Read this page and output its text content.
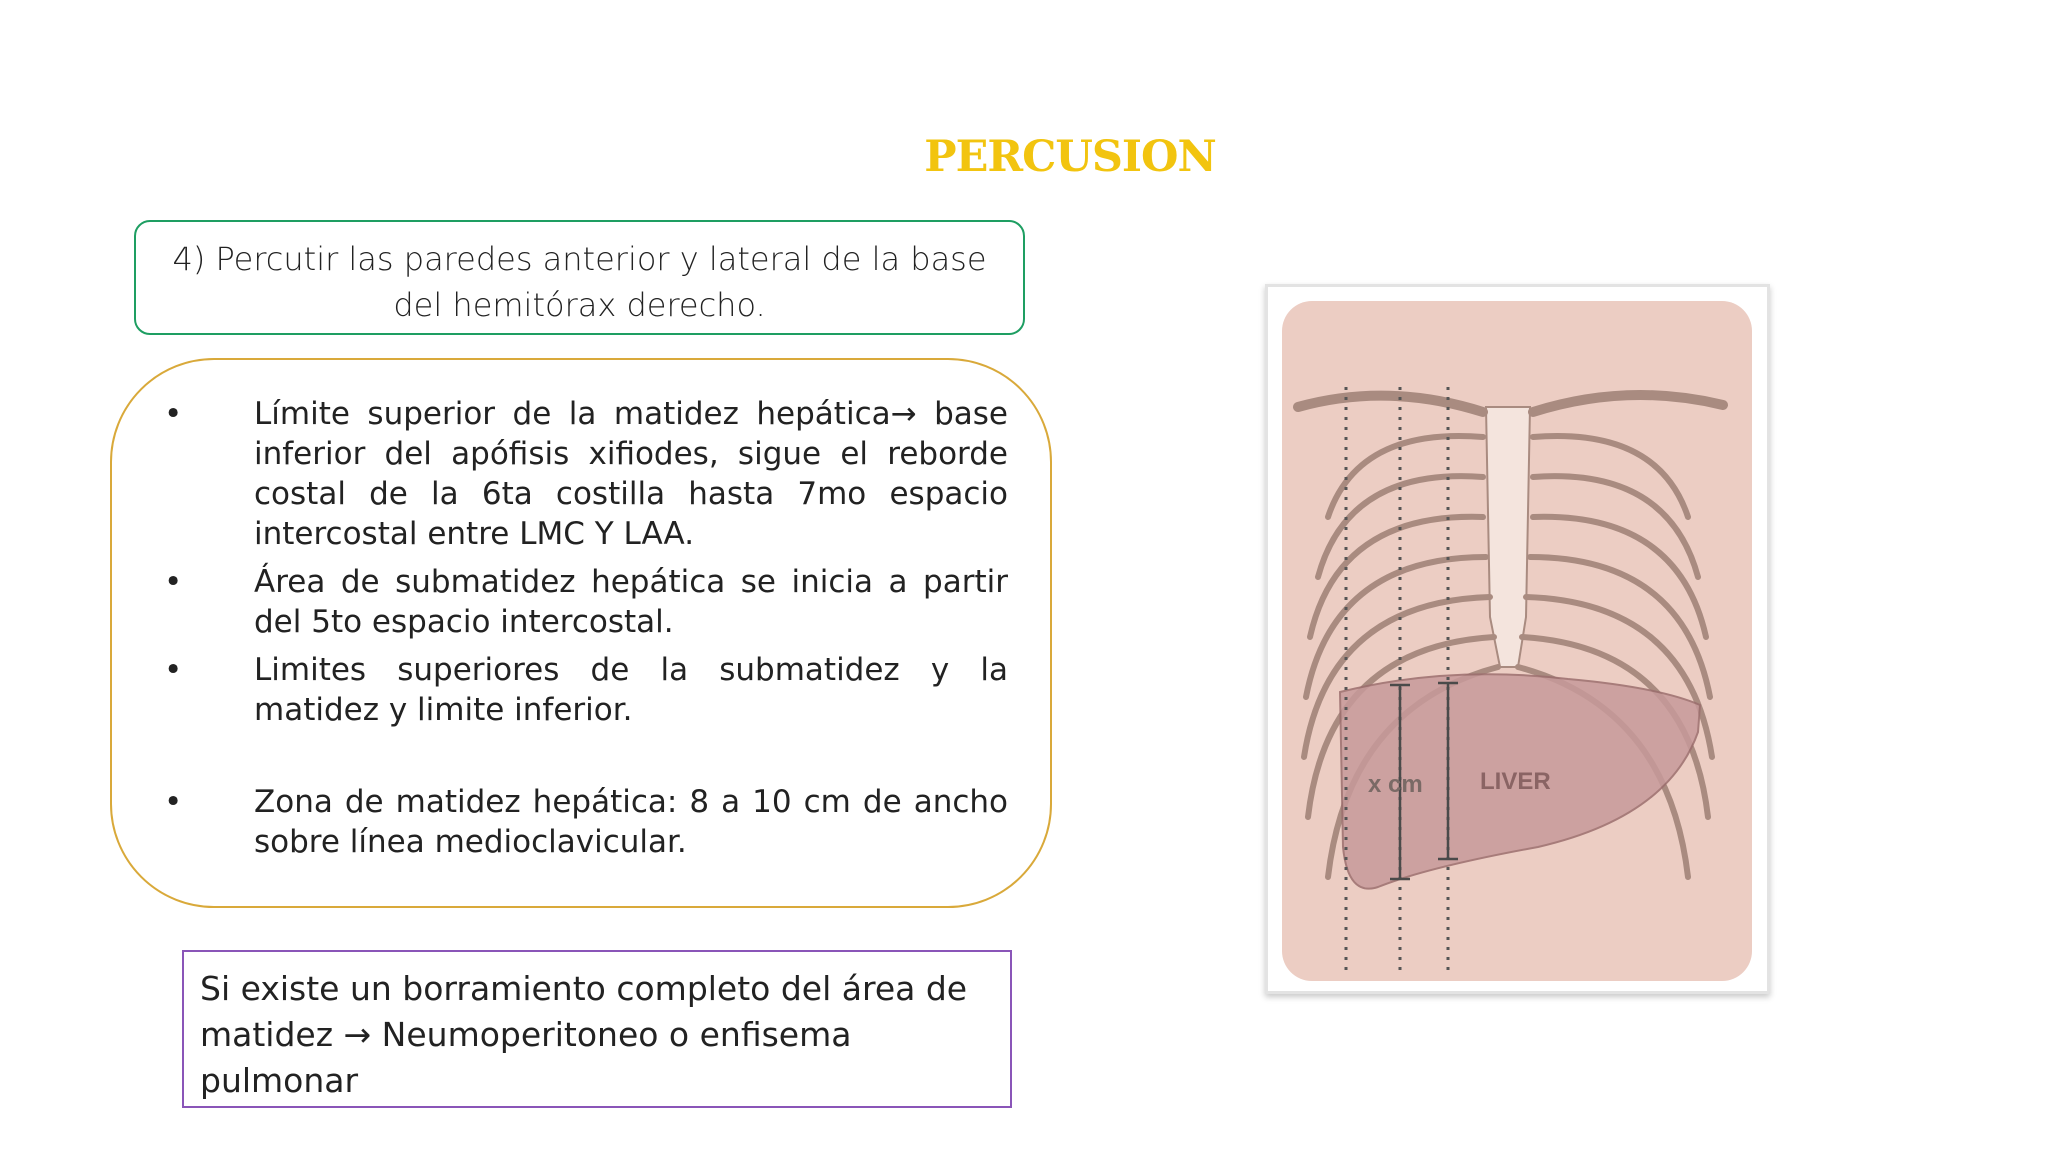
PERCUSION
4) Percutir las paredes anterior y lateral de la base del hemitórax derecho.
•	Límite superior de la matidez hepática→ base inferior del apófisis xifiodes, sigue el reborde costal de la 6ta costilla hasta 7mo espacio intercostal entre LMC Y LAA.
•	Área de submatidez hepática se inicia a partir del 5to espacio intercostal.
•	Limites superiores de la submatidez y la matidez y limite inferior.
•	Zona de matidez hepática: 8 a 10 cm de ancho sobre línea medioclavicular.
Si existe un borramiento completo del área de matidez → Neumoperitoneo o enfisema pulmonar
x cm LIVER
